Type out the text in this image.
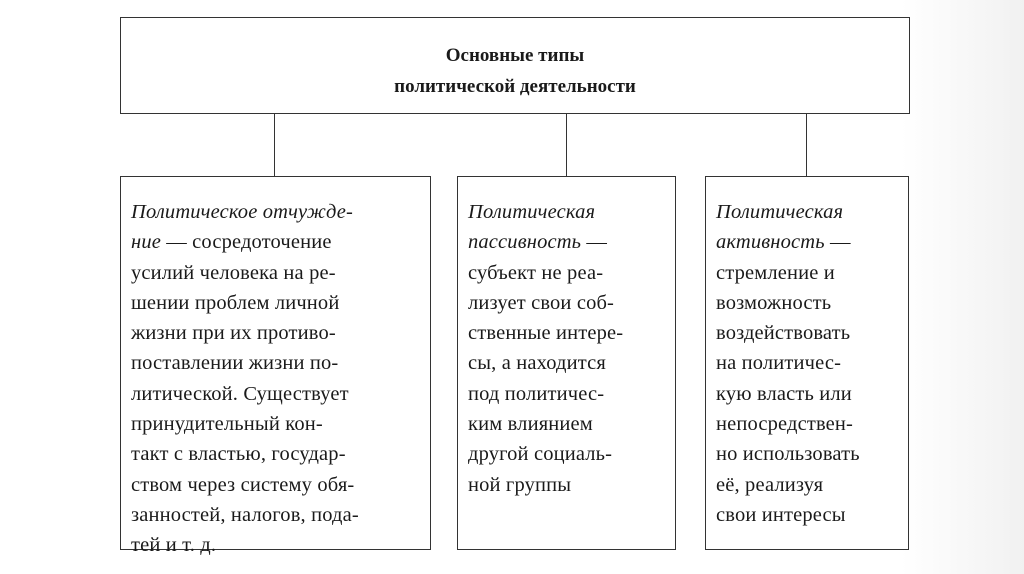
Основные типы
политической деятельности
Политическое отчужде-
ние — сосредоточение
усилий человека на ре-
шении проблем личной
жизни при их противо-
поставлении жизни по-
литической. Существует
принудительный кон-
такт с властью, государ-
ством через систему обя-
занностей, налогов, пода-
тей и т. д.
Политическая
пассивность —
субъект не реа-
лизует свои соб-
ственные интере-
сы, а находится
под политичес-
ким влиянием
другой социаль-
ной группы
Политическая
активность —
стремление и
возможность
воздействовать
на политичес-
кую власть или
непосредствен-
но использовать
её, реализуя
свои интересы
